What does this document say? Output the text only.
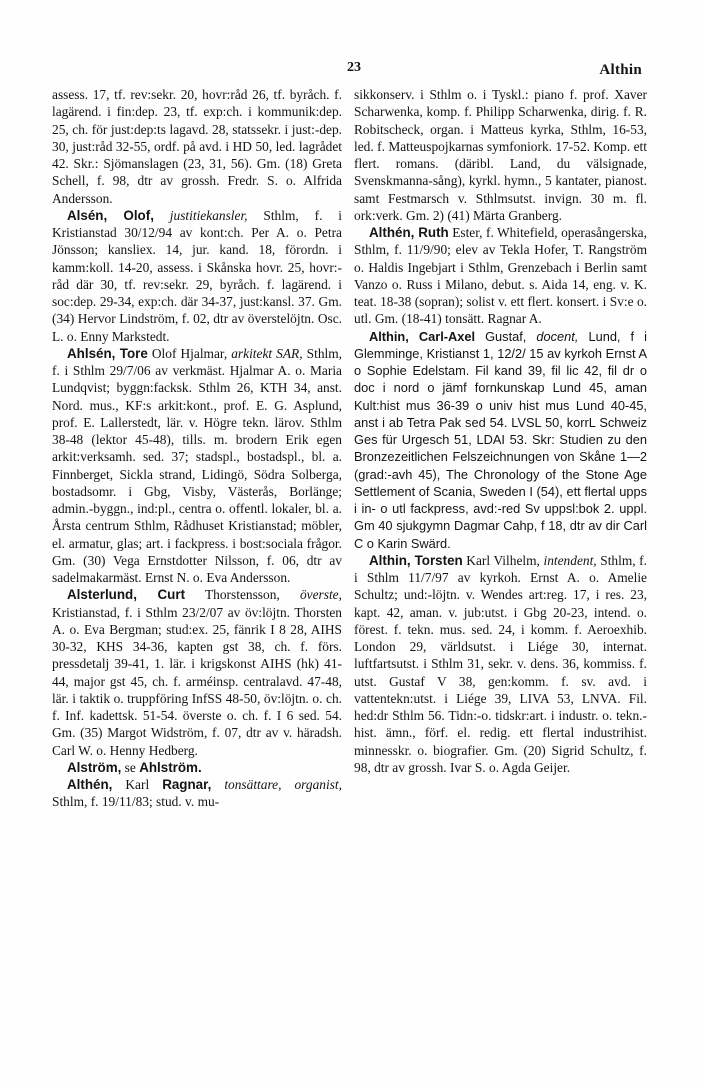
23	Althin

assess. 17, tf. rev:sekr. 20, hovr:råd 26, tf. byråch. f. lagärend. i fin:dep. 23, tf. exp:ch. i kommunik:dep. 25, ch. för just:dep:ts lagavd. 28, statssekr. i just:-dep. 30, just:råd 32-55, ordf. på avd. i HD 50, led. lagrådet 42. Skr.: Sjömanslagen (23, 31, 56). Gm. (18) Greta Schell, f. 98, dtr av grossh. Fredr. S. o. Alfrida Andersson.

Alsén, Olof, justitiekansler, Sthlm, f. i Kristianstad 30/12/94 av kont:ch. Per A. o. Petra Jönsson; kansliex. 14, jur. kand. 18, förordn. i kamm:koll. 14-20, assess. i Skånska hovr. 25, hovr:-råd där 30, tf. rev:sekr. 29, byråch. f. lagärend. i soc:dep. 29-34, exp:ch. där 34-37, just:kansl. 37. Gm. (34) Hervor Lindström, f. 02, dtr av överstelöjtn. Osc. L. o. Enny Markstedt.

Ahlsén, Tore Olof Hjalmar, arkitekt SAR, Sthlm, f. i Sthlm 29/7/06 av verkmäst. Hjalmar A. o. Maria Lundqvist; byggn:facksk. Sthlm 26, KTH 34, anst. Nord. mus., KF:s arkit:kont., prof. E. G. Asplund, prof. E. Lallerstedt, lär. v. Högre tekn. lärov. Sthlm 38-48 (lektor 45-48), tills. m. brodern Erik egen arkit:verksamh. sed. 37; stadspl., bostadspl., bl. a. Finnberget, Sickla strand, Lidingö, Södra Solberga, bostadsomr. i Gbg, Visby, Västerås, Borlänge; admin.-byggn., ind:pl., centra o. offentl. lokaler, bl. a. Årsta centrum Sthlm, Rådhuset Kristianstad; möbler, el. armatur, glas; art. i fackpress. i bost:sociala frågor. Gm. (30) Vega Ernstdotter Nilsson, f. 06, dtr av sadelmakarmäst. Ernst N. o. Eva Andersson.

Alsterlund, Curt Thorstensson, överste, Kristianstad, f. i Sthlm 23/2/07 av öv:löjtn. Thorsten A. o. Eva Bergman; stud:ex. 25, fänrik I 8 28, AIHS 30-32, KHS 34-36, kapten gst 38, ch. f. förs. pressdetalj 39-41, 1. lär. i krigskonst AIHS (hk) 41-44, major gst 45, ch. f. arméinsp. centralavd. 47-48, lär. i taktik o. truppföring InfSS 48-50, öv:löjtn. o. ch. f. Inf. kadettsk. 51-54. överste o. ch. f. I 6 sed. 54. Gm. (35) Margot Widström, f. 07, dtr av v. häradsh. Carl W. o. Henny Hedberg.

Alström, se Ahlström.

Althén, Karl Ragnar, tonsättare, organist, Sthlm, f. 19/11/83; stud. v. mu-

sikkonserv. i Sthlm o. i Tyskl.: piano f. prof. Xaver Scharwenka, komp. f. Philipp Scharwenka, dirig. f. R. Robitscheck, organ. i Matteus kyrka, Sthlm, 16-53, led. f. Matteuspojkarnas symfoniork. 17-52. Komp. ett flert. romans. (däribl. Land, du välsignade, Svenskmanna-sång), kyrkl. hymn., 5 kantater, pianost. samt Festmarsch v. Sthlmsutst. invign. 30 m. fl. ork:verk. Gm. 2) (41) Märta Granberg.

Althén, Ruth Ester, f. Whitefield, operasångerska, Sthlm, f. 11/9/90; elev av Tekla Hofer, T. Rangström o. Haldis Ingebjart i Sthlm, Grenzebach i Berlin samt Vanzo o. Russ i Milano, debut. s. Aida 14, eng. v. K. teat. 18-38 (sopran); solist v. ett flert. konsert. i Sv:e o. utl. Gm. (18-41) tonsätt. Ragnar A.

Althin, Carl-Axel Gustaf, docent, Lund, f i Glemminge, Kristianst 1, 12/2/ 15 av kyrkoh Ernst A o Sophie Edelstam. Fil kand 39, fil lic 42, fil dr o doc i nord o jämf fornkunskap Lund 45, aman Kult:hist mus 36-39 o univ hist mus Lund 40-45, anst i ab Tetra Pak sed 54. LVSL 50, korrL Schweiz Ges für Urgesch 51, LDAI 53. Skr: Studien zu den Bronzezeitlichen Felszeichnungen von Skåne 1—2 (grad:-avh 45), The Chronology of the Stone Age Settlement of Scania, Sweden I (54), ett flertal upps i in- o utl fackpress, avd:-red Sv uppsl:bok 2. uppl. Gm 40 sjukgymn Dagmar Cahp, f 18, dtr av dir Carl C o Karin Swärd.

Althin, Torsten Karl Vilhelm, intendent, Sthlm, f. i Sthlm 11/7/97 av kyrkoh. Ernst A. o. Amelie Schultz; und:-löjtn. v. Wendes art:reg. 17, i res. 23, kapt. 42, aman. v. jub:utst. i Gbg 20-23, intend. o. förest. f. tekn. mus. sed. 24, i komm. f. Aeroexhib. London 29, världsutst. i Liége 30, internat. luftfartsutst. i Sthlm 31, sekr. v. dens. 36, kommiss. f. utst. Gustaf V 38, gen:komm. f. sv. avd. i vattentekn:utst. i Liége 39, LIVA 53, LNVA. Fil. hed:dr Sthlm 56. Tidn:-o. tidskr:art. i industr. o. tekn.-hist. ämn., förf. el. redig. ett flertal industrihist. minnesskr. o. biografier. Gm. (20) Sigrid Schultz, f. 98, dtr av grossh. Ivar S. o. Agda Geijer.
